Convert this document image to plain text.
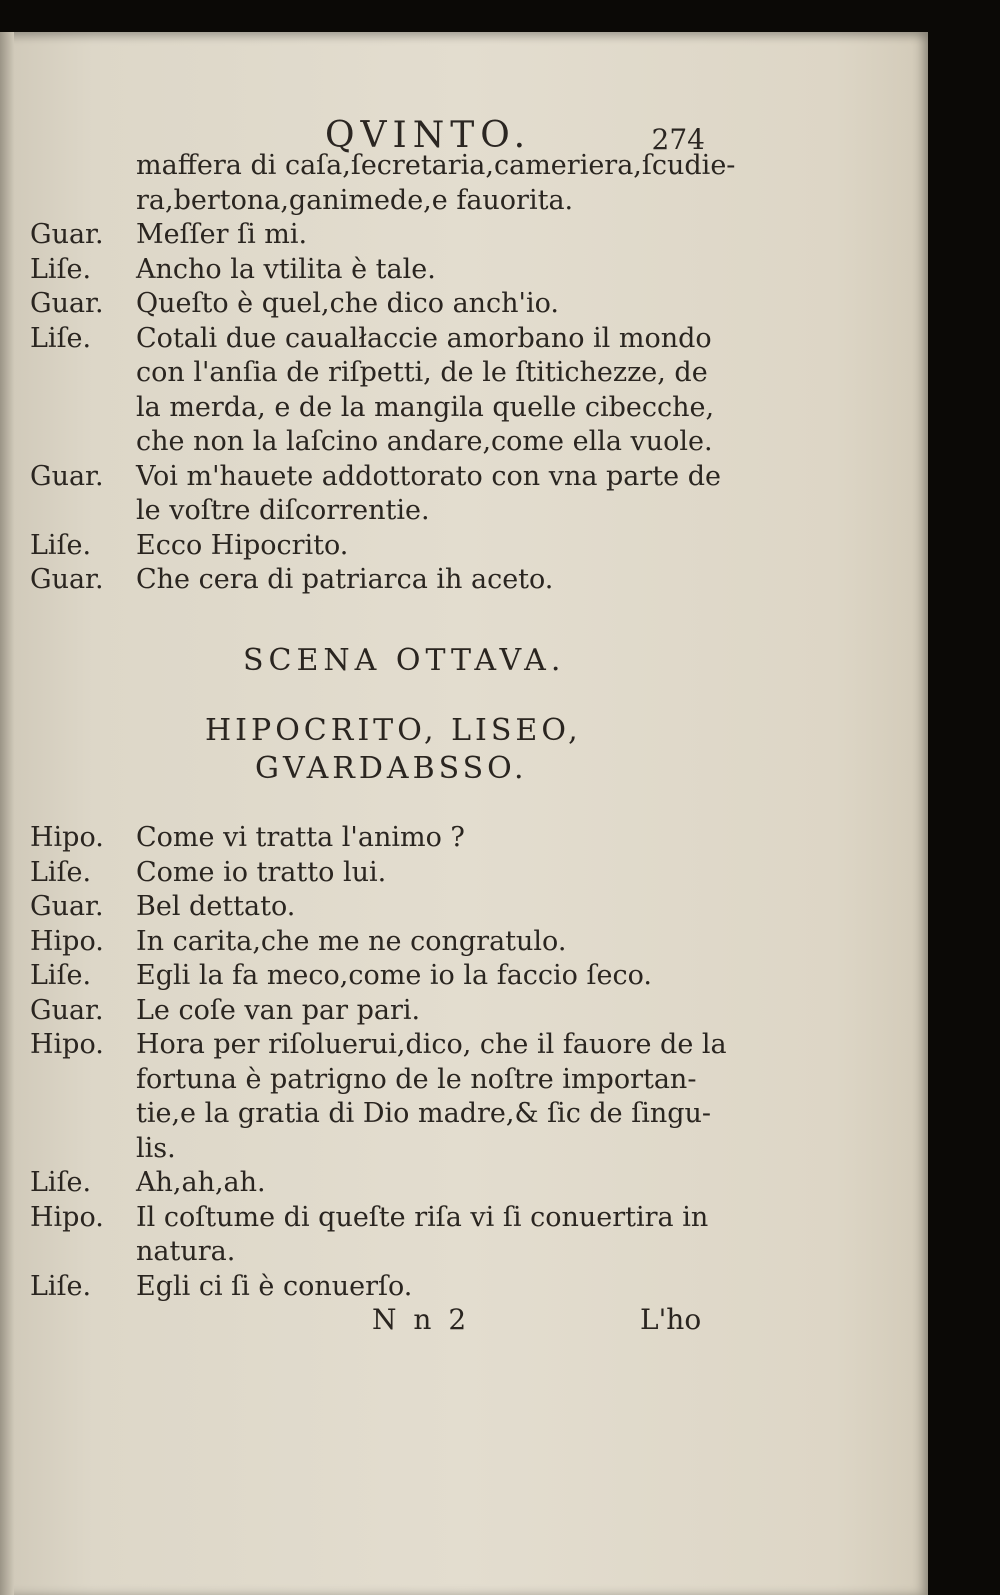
QVINTO.	274
maffera di caſa,ſecretaria,cameriera,ſcudie-
ra,bertona,ganimede,e fauorita.
Guar. Meſſer ſi mi.
Liſe. Ancho la vtilita è tale.
Guar. Queſto è quel,che dico anch'io.
Liſe. Cotali due caualłaccie amorbano il mondo
con l'anſia de riſpetti, de le ſtitichezze, de
la merda, e de la mangila quelle cibecche,
che non la laſcino andare,come ella vuole.
Guar. Voi m'hauete addottorato con vna parte de
le voſtre diſcorrentie.
Liſe. Ecco Hipocrito.
Guar. Che cera di patriarca ih aceto.
SCENA OTTAVA.
HIPOCRITO, LISEO,
GVARDABSSO.
Hipo. Come vi tratta l'animo ?
Liſe. Come io tratto lui.
Guar. Bel dettato.
Hipo. In carita,che me ne congratulo.
Liſe. Egli la fa meco,come io la faccio ſeco.
Guar. Le coſe van par pari.
Hipo. Hora per riſoluerui,dico, che il fauore de la
fortuna è patrigno de le noſtre importan-
tie,e la gratia di Dio madre,& ſic de ſingu-
lis.
Liſe. Ah,ah,ah.
Hipo. Il coſtume di queſte riſa vi ſi conuertira in
natura.
Liſe. Egli ci ſi è conuerſo.
N n 2	L'ho
